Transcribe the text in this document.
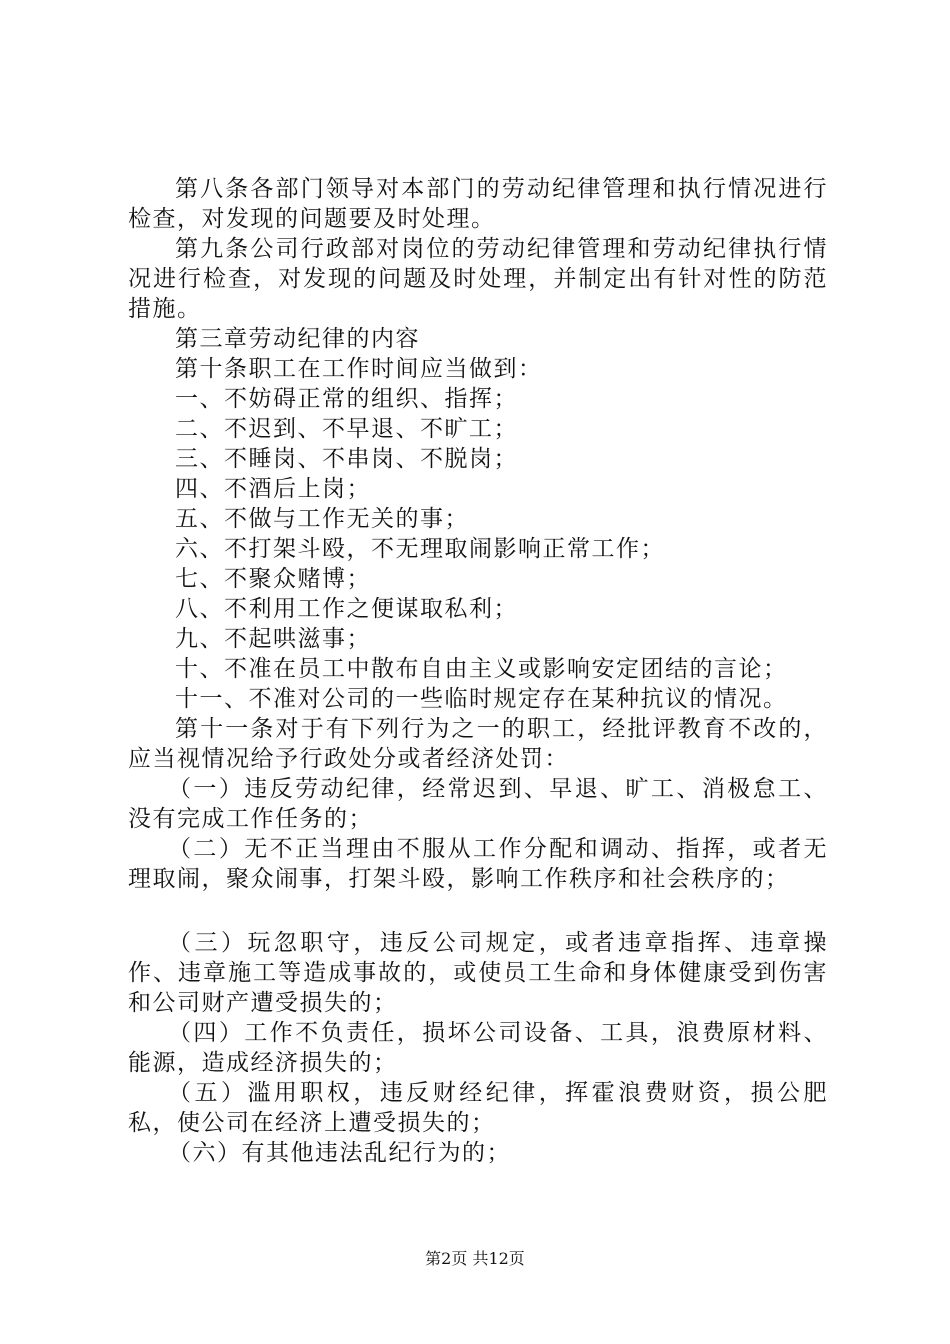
第八条各部门领导对本部门的劳动纪律管理和执行情况进行检查，对发现的问题要及时处理。

第九条公司行政部对岗位的劳动纪律管理和劳动纪律执行情况进行检查，对发现的问题及时处理，并制定出有针对性的防范措施。

第三章劳动纪律的内容

第十条职工在工作时间应当做到：

一、不妨碍正常的组织、指挥；

二、不迟到、不早退、不旷工；

三、不睡岗、不串岗、不脱岗；

四、不酒后上岗；

五、不做与工作无关的事；

六、不打架斗殴，不无理取闹影响正常工作；

七、不聚众赌博；

八、不利用工作之便谋取私利；

九、不起哄滋事；

十、不准在员工中散布自由主义或影响安定团结的言论；

十一、不准对公司的一些临时规定存在某种抗议的情况。

第十一条对于有下列行为之一的职工，经批评教育不改的，应当视情况给予行政处分或者经济处罚：

（一）违反劳动纪律，经常迟到、早退、旷工、消极怠工、没有完成工作任务的；

（二）无不正当理由不服从工作分配和调动、指挥，或者无理取闹，聚众闹事，打架斗殴，影响工作秩序和社会秩序的；

（三）玩忽职守，违反公司规定，或者违章指挥、违章操作、违章施工等造成事故的，或使员工生命和身体健康受到伤害和公司财产遭受损失的；

（四）工作不负责任，损坏公司设备、工具，浪费原材料、能源，造成经济损失的；

（五）滥用职权，违反财经纪律，挥霍浪费财资，损公肥私，使公司在经济上遭受损失的；

（六）有其他违法乱纪行为的；

第2页 共12页
